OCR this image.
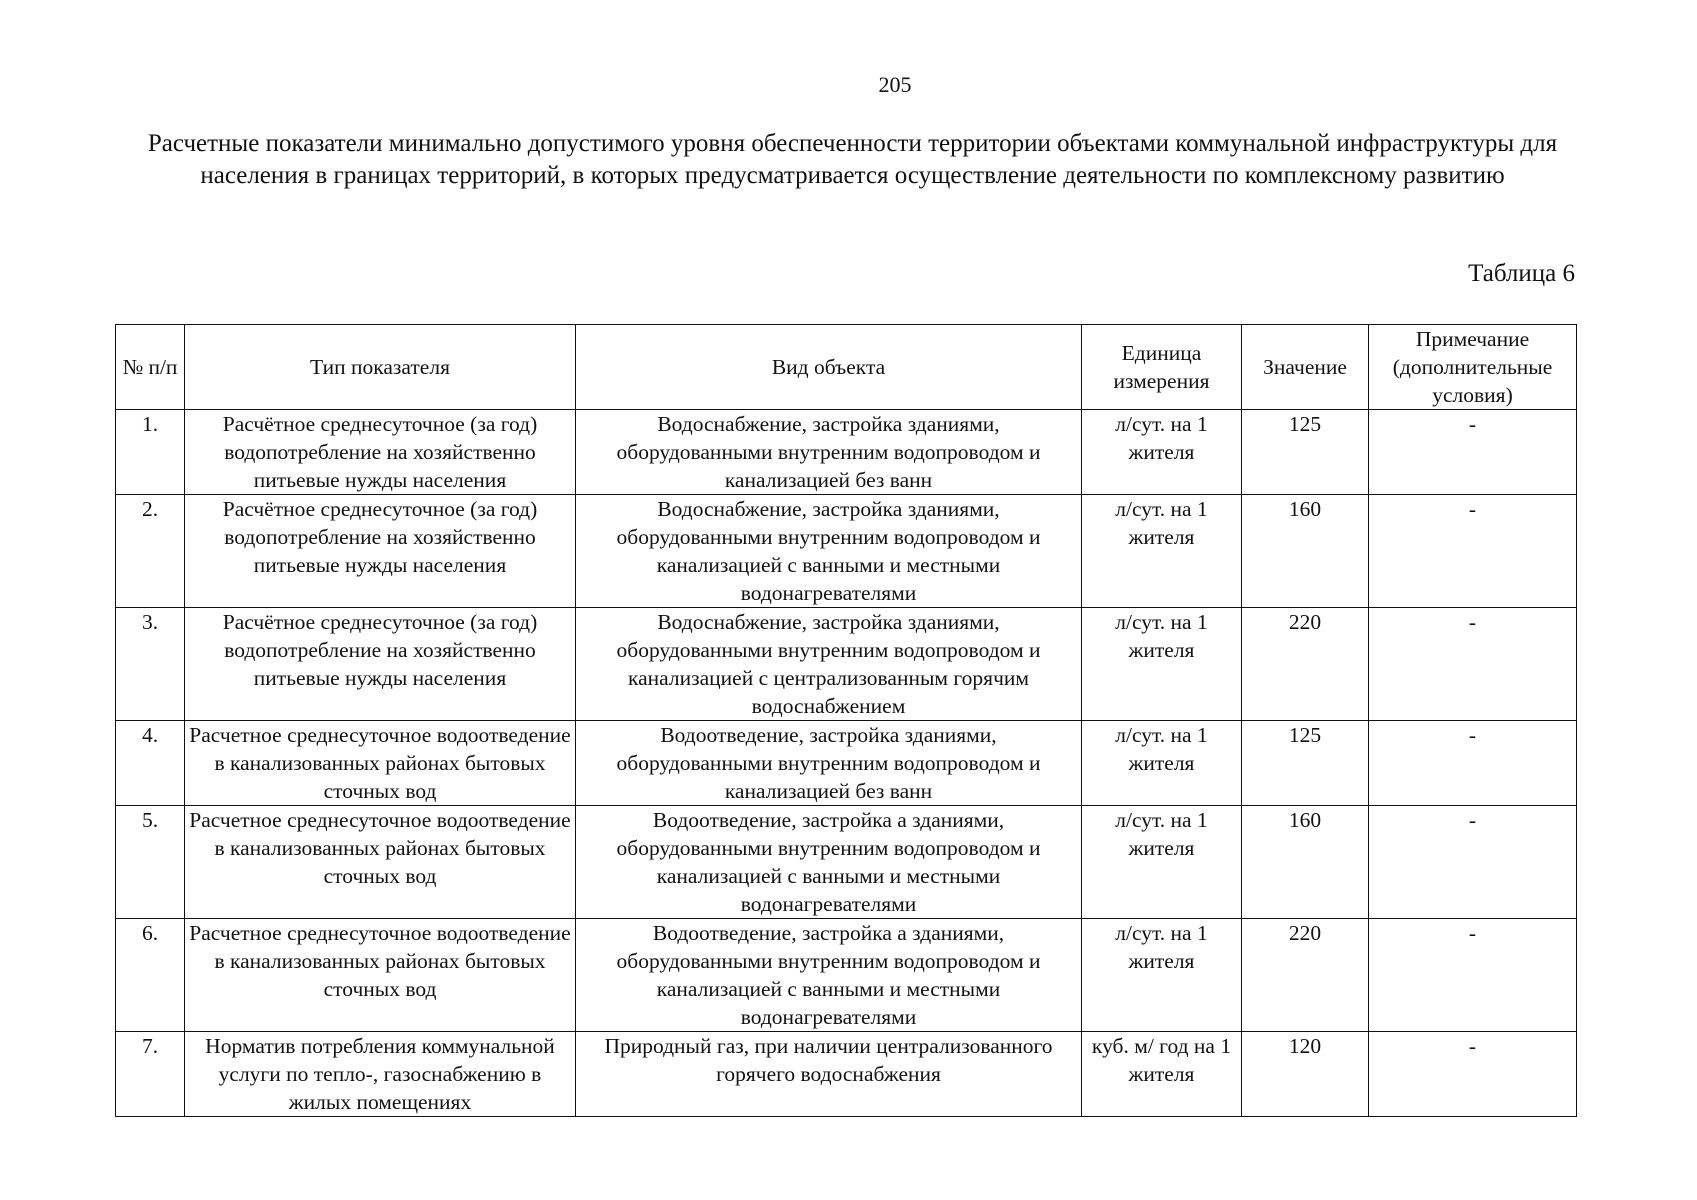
205
Расчетные показатели минимально допустимого уровня обеспеченности территории объектами коммунальной инфраструктуры для населения в границах территорий, в которых предусматривается осуществление деятельности по комплексному развитию
Таблица 6
№ п/п	Тип показателя	Вид объекта	Единица измерения	Значение	Примечание (дополнительные условия)
1.	Расчётное среднесуточное (за год) водопотребление на хозяйственно питьевые нужды населения	Водоснабжение, застройка зданиями, оборудованными внутренним водопроводом и канализацией без ванн	л/сут. на 1 жителя	125	-
2.	Расчётное среднесуточное (за год) водопотребление на хозяйственно питьевые нужды населения	Водоснабжение, застройка зданиями, оборудованными внутренним водопроводом и канализацией с ванными и местными водонагревателями	л/сут. на 1 жителя	160	-
3.	Расчётное среднесуточное (за год) водопотребление на хозяйственно питьевые нужды населения	Водоснабжение, застройка зданиями, оборудованными внутренним водопроводом и канализацией с централизованным горячим водоснабжением	л/сут. на 1 жителя	220	-
4.	Расчетное среднесуточное водоотведение в канализованных районах бытовых сточных вод	Водоотведение, застройка зданиями, оборудованными внутренним водопроводом и канализацией без ванн	л/сут. на 1 жителя	125	-
5.	Расчетное среднесуточное водоотведение в канализованных районах бытовых сточных вод	Водоотведение, застройка а зданиями, оборудованными внутренним водопроводом и канализацией с ванными и местными водонагревателями	л/сут. на 1 жителя	160	-
6.	Расчетное среднесуточное водоотведение в канализованных районах бытовых сточных вод	Водоотведение, застройка а зданиями, оборудованными внутренним водопроводом и канализацией с ванными и местными водонагревателями	л/сут. на 1 жителя	220	-
7.	Норматив потребления коммунальной услуги по тепло-, газоснабжению в жилых помещениях	Природный газ, при наличии централизованного горячего водоснабжения	куб. м/ год на 1 жителя	120	-
